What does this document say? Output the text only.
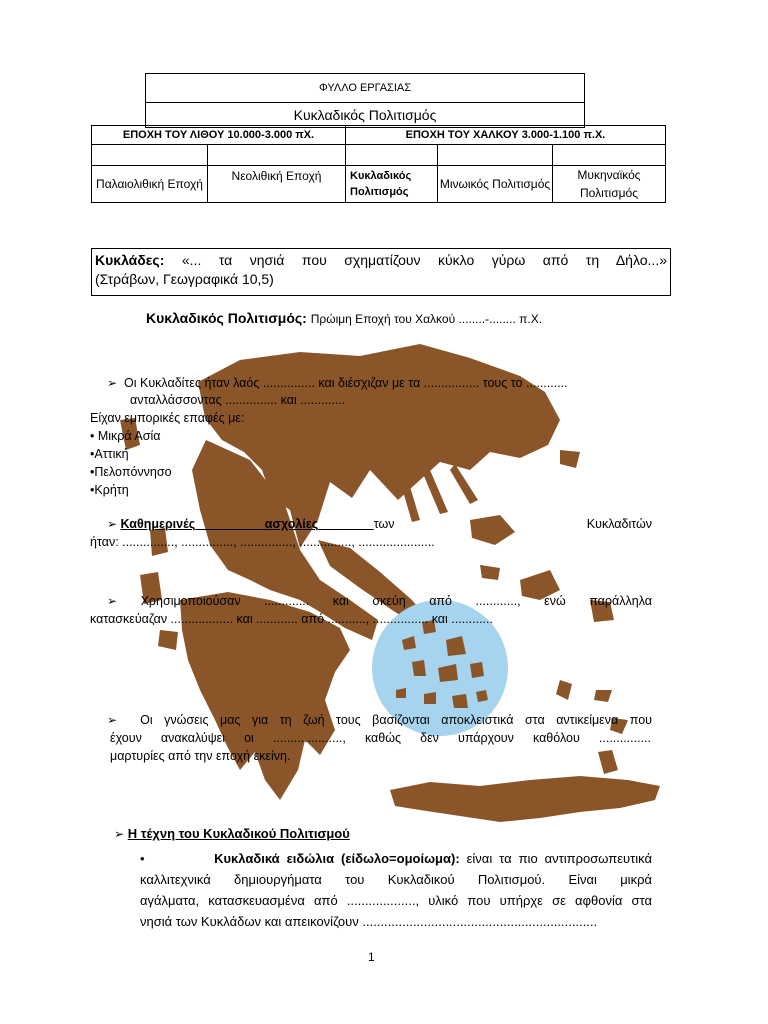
ΦΥΛΛΟ ΕΡΓΑΣΙΑΣ
Κυκλαδικός Πολιτισμός
ΕΠΟΧΗ ΤΟΥ ΛΙΘΟΥ 10.000-3.000 πΧ.		ΕΠΟΧΗ ΤΟΥ ΧΑΛΚΟΥ 3.000-1.100 π.Χ.		

Παλαιολιθική Εποχή	Νεολιθική Εποχή	Κυκλαδικός Πολιτισμός	Μινωικός Πολιτισμός	Μυκηναϊκός Πολιτισμός
Κυκλάδες: «... τα νησιά που σχηματίζουν κύκλο γύρω από τη Δήλο...»
(Στράβων, Γεωγραφικά 10,5)
Κυκλαδικός Πολιτισμός: Πρώιμη Εποχή του Χαλκού ........-........ π.Χ.
➢ Οι Κυκλαδίτες ήταν λαός ............... και διέσχιζαν με τα ................ τους το ............
ανταλλάσσοντας ............... και .............
Είχαν εμπορικές επαφές με:
• Μικρά Ασία
•Αττική
•Πελοπόννησο
•Κρήτη
➢ Καθημερινές	ασχολίες	των	Κυκλαδιτών
ήταν: ..............., ..............., ..............., ..............., ......................
➢ Χρησιμοποιούσαν ............. και σκεύη από ............, ενώ παράλληλα
κατασκεύαζαν .................. και ............ από ..........., ................ και ............
➢ Οι γνώσεις μας για τη ζωή τους βασίζονται αποκλειστικά στα αντικείμενα που
έχουν ανακαλύψει οι ...................., καθώς δεν υπάρχουν καθόλου ...............
μαρτυρίες από την εποχή εκείνη.
➢ Η τέχνη του Κυκλαδικού Πολιτισμού
•	Κυκλαδικά ειδώλια (είδωλο=ομοίωμα): είναι τα πιο αντιπροσωπευτικά
καλλιτεχνικά δημιουργήματα του Κυκλαδικού Πολιτισμού. Είναι μικρά
αγάλματα, κατασκευασμένα από ..................., υλικό που υπήρχε σε αφθονία στα
νησιά των Κυκλάδων και απεικονίζουν .................................................................
1
